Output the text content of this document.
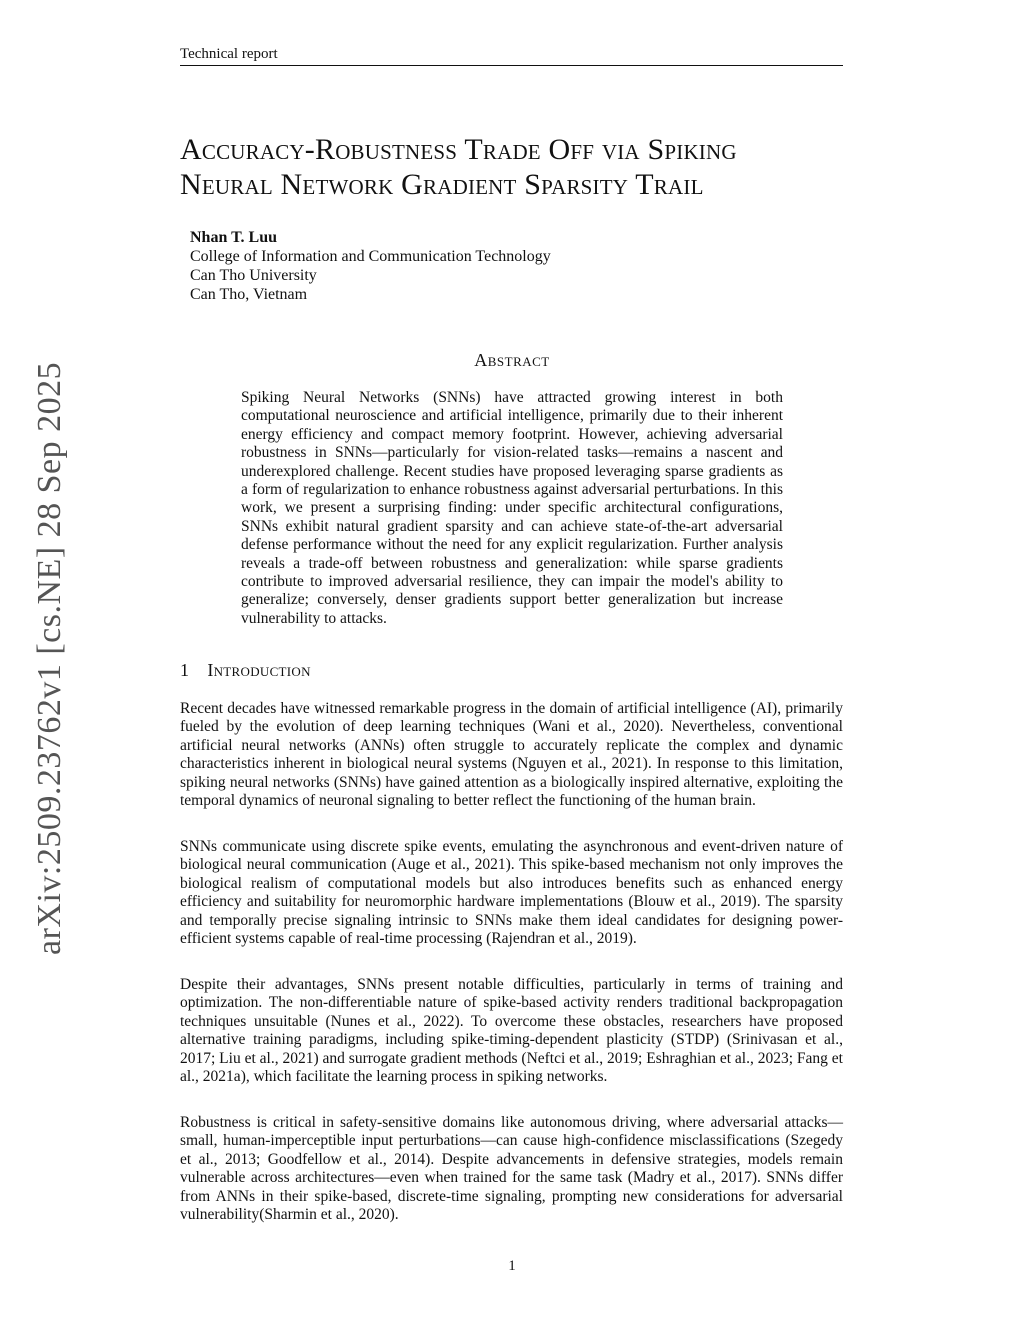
Technical report
arXiv:2509.23762v1 [cs.NE] 28 Sep 2025
Accuracy-Robustness Trade Off via Spiking
Neural Network Gradient Sparsity Trail
Nhan T. Luu
College of Information and Communication Technology
Can Tho University
Can Tho, Vietnam
Abstract
Spiking Neural Networks (SNNs) have attracted growing interest in both computational neuroscience and artificial intelligence, primarily due to their inherent energy efficiency and compact memory footprint. However, achieving adversarial robustness in SNNs—particularly for vision-related tasks—remains a nascent and underexplored challenge. Recent studies have proposed leveraging sparse gradients as a form of regularization to enhance robustness against adversarial perturbations. In this work, we present a surprising finding: under specific architectural configurations, SNNs exhibit natural gradient sparsity and can achieve state-of-the-art adversarial defense performance without the need for any explicit regularization. Further analysis reveals a trade-off between robustness and generalization: while sparse gradients contribute to improved adversarial resilience, they can impair the model's ability to generalize; conversely, denser gradients support better generalization but increase vulnerability to attacks.
1 Introduction

Recent decades have witnessed remarkable progress in the domain of artificial intelligence (AI), primarily fueled by the evolution of deep learning techniques (Wani et al., 2020). Nevertheless, conventional artificial neural networks (ANNs) often struggle to accurately replicate the complex and dynamic characteristics inherent in biological neural systems (Nguyen et al., 2021). In response to this limitation, spiking neural networks (SNNs) have gained attention as a biologically inspired alternative, exploiting the temporal dynamics of neuronal signaling to better reflect the functioning of the human brain.

SNNs communicate using discrete spike events, emulating the asynchronous and event-driven nature of biological neural communication (Auge et al., 2021). This spike-based mechanism not only improves the biological realism of computational models but also introduces benefits such as enhanced energy efficiency and suitability for neuromorphic hardware implementations (Blouw et al., 2019). The sparsity and temporally precise signaling intrinsic to SNNs make them ideal candidates for designing power-efficient systems capable of real-time processing (Rajendran et al., 2019).

Despite their advantages, SNNs present notable difficulties, particularly in terms of training and optimization. The non-differentiable nature of spike-based activity renders traditional backpropagation techniques unsuitable (Nunes et al., 2022). To overcome these obstacles, researchers have proposed alternative training paradigms, including spike-timing-dependent plasticity (STDP) (Srinivasan et al., 2017; Liu et al., 2021) and surrogate gradient methods (Neftci et al., 2019; Eshraghian et al., 2023; Fang et al., 2021a), which facilitate the learning process in spiking networks.

Robustness is critical in safety-sensitive domains like autonomous driving, where adversarial attacks—small, human-imperceptible input perturbations—can cause high-confidence misclassifications (Szegedy et al., 2013; Goodfellow et al., 2014). Despite advancements in defensive strategies, models remain vulnerable across architectures—even when trained for the same task (Madry et al., 2017). SNNs differ from ANNs in their spike-based, discrete-time signaling, prompting new considerations for adversarial vulnerability(Sharmin et al., 2020).

1
